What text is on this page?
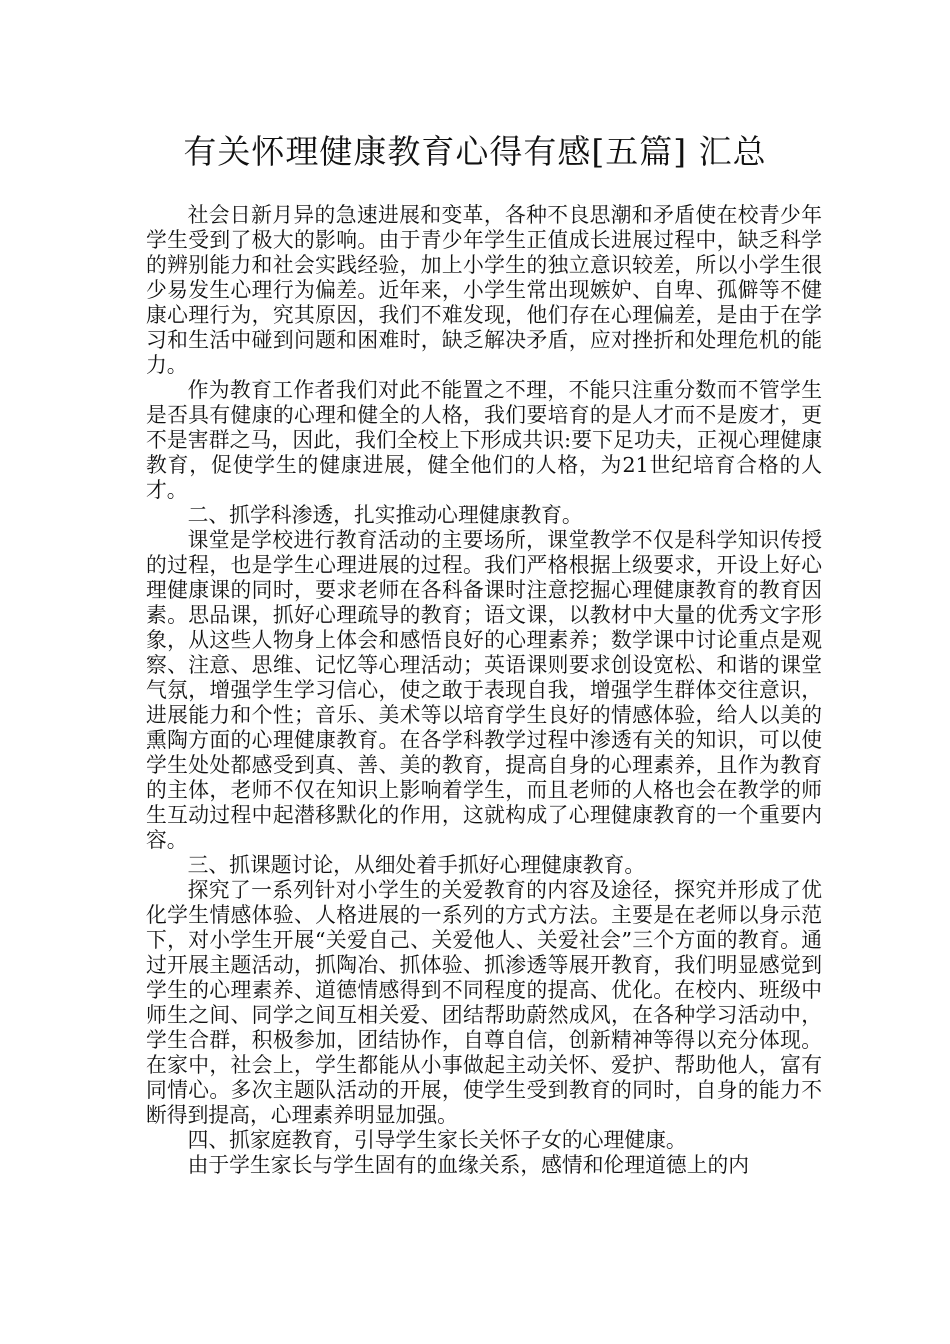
有关怀理健康教育心得有感[五篇] 汇总

社会日新月异的急速进展和变革，各种不良思潮和矛盾使在校青少年学生受到了极大的影响。由于青少年学生正值成长进展过程中，缺乏科学的辨别能力和社会实践经验，加上小学生的独立意识较差，所以小学生很少易发生心理行为偏差。近年来，小学生常出现嫉妒、自卑、孤僻等不健康心理行为，究其原因，我们不难发现，他们存在心理偏差，是由于在学习和生活中碰到问题和困难时，缺乏解决矛盾，应对挫折和处理危机的能力。

作为教育工作者我们对此不能置之不理，不能只注重分数而不管学生是否具有健康的心理和健全的人格，我们要培育的是人才而不是废才，更不是害群之马，因此，我们全校上下形成共识:要下足功夫，正视心理健康教育，促使学生的健康进展，健全他们的人格，为21世纪培育合格的人才。

二、抓学科渗透，扎实推动心理健康教育。

课堂是学校进行教育活动的主要场所，课堂教学不仅是科学知识传授的过程，也是学生心理进展的过程。我们严格根据上级要求，开设上好心理健康课的同时，要求老师在各科备课时注意挖掘心理健康教育的教育因素。思品课，抓好心理疏导的教育；语文课，以教材中大量的优秀文字形象，从这些人物身上体会和感悟良好的心理素养；数学课中讨论重点是观察、注意、思维、记忆等心理活动；英语课则要求创设宽松、和谐的课堂气氛，增强学生学习信心，使之敢于表现自我，增强学生群体交往意识，进展能力和个性；音乐、美术等以培育学生良好的情感体验，给人以美的熏陶方面的心理健康教育。在各学科教学过程中渗透有关的知识，可以使学生处处都感受到真、善、美的教育，提高自身的心理素养，且作为教育的主体，老师不仅在知识上影响着学生，而且老师的人格也会在教学的师生互动过程中起潜移默化的作用，这就构成了心理健康教育的一个重要内容。

三、抓课题讨论，从细处着手抓好心理健康教育。

探究了一系列针对小学生的关爱教育的内容及途径，探究并形成了优化学生情感体验、人格进展的一系列的方式方法。主要是在老师以身示范下，对小学生开展“关爱自己、关爱他人、关爱社会”三个方面的教育。通过开展主题活动，抓陶冶、抓体验、抓渗透等展开教育，我们明显感觉到学生的心理素养、道德情感得到不同程度的提高、优化。在校内、班级中师生之间、同学之间互相关爱、团结帮助蔚然成风，在各种学习活动中，学生合群，积极参加，团结协作，自尊自信，创新精神等得以充分体现。在家中，社会上，学生都能从小事做起主动关怀、爱护、帮助他人，富有同情心。多次主题队活动的开展，使学生受到教育的同时，自身的能力不断得到提高，心理素养明显加强。

四、抓家庭教育，引导学生家长关怀子女的心理健康。

由于学生家长与学生固有的血缘关系，感情和伦理道德上的内
